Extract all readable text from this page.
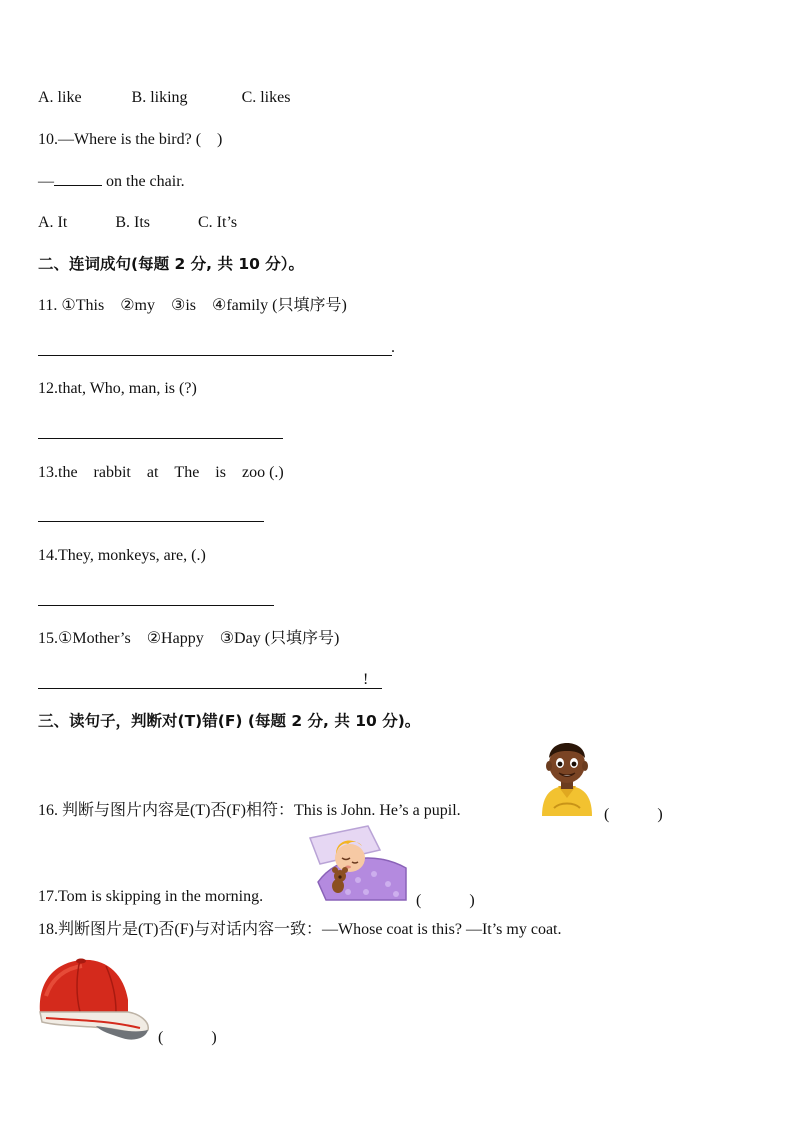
A. like	B. liking	C. likes
10.—Where is the bird? (　)
—	on the chair.
A. It	B. Its	C. It’s
二、连词成句(每题 2 分, 共 10 分）。
11. ①This　②my　③is　④family (只填序号)
.
12.that, Who, man, is (?)
13.the　rabbit　at　The　is　zoo (.)
14.They, monkeys, are, (.)
15.①Mother’s　②Happy　③Day (只填序号)
!
三、读句子，判断对(T)错(F) (每题 2 分, 共 10 分)。
16. 判断与图片内容是(T)否(F)相符：This is John. He’s a pupil.	(　　　)
17.Tom is skipping in the morning.	(　　　)
18.判断图片是(T)否(F)与对话内容一致：—Whose coat is this? —It’s my coat.
(　　　)
